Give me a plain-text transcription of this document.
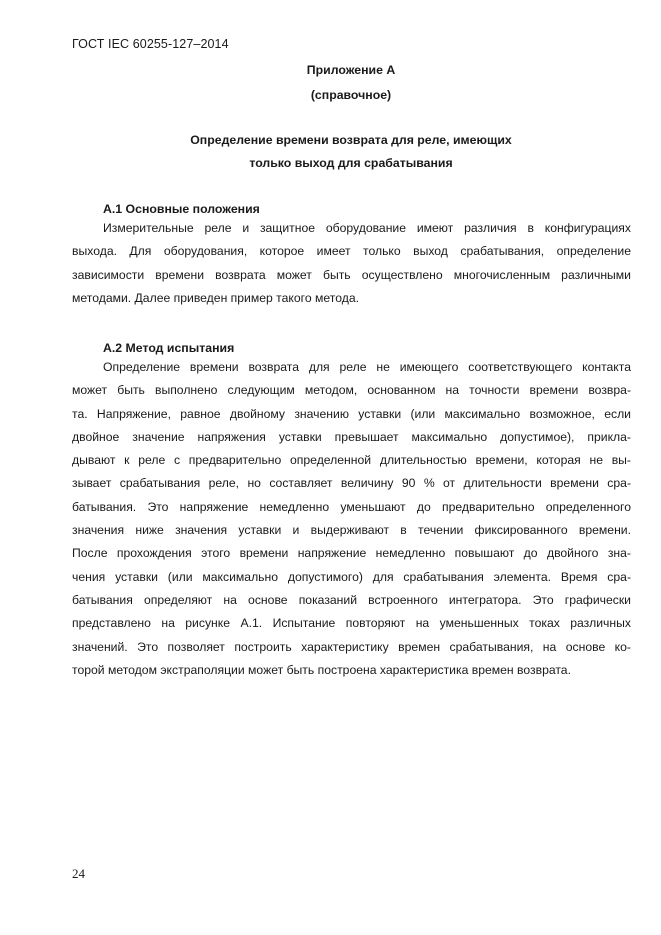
ГОСТ IEC 60255-127–2014
Приложение А
(справочное)
Определение времени возврата для реле, имеющих
только выход для срабатывания
А.1 Основные положения
Измерительные реле и защитное оборудование имеют различия в конфигурациях
выхода. Для оборудования, которое имеет только выход срабатывания, определение
зависимости времени возврата может быть осуществлено многочисленным различными
методами. Далее приведен пример такого метода.
А.2 Метод испытания
Определение времени возврата для реле не имеющего соответствующего контакта
может быть выполнено следующим методом, основанном на точности времени возвра-
та. Напряжение, равное двойному значению уставки (или максимально возможное, если
двойное значение напряжения уставки превышает максимально допустимое), прикла-
дывают к реле с предварительно определенной длительностью времени, которая не вы-
зывает срабатывания реле, но составляет величину 90 % от длительности времени сра-
батывания. Это напряжение немедленно уменьшают до предварительно определенного
значения ниже значения уставки и выдерживают в течении фиксированного времени.
После прохождения этого времени напряжение немедленно повышают до двойного зна-
чения уставки (или максимально допустимого) для срабатывания элемента. Время сра-
батывания определяют на основе показаний встроенного интегратора. Это графически
представлено на рисунке А.1. Испытание повторяют на уменьшенных токах различных
значений. Это позволяет построить характеристику времен срабатывания, на основе ко-
торой методом экстраполяции может быть построена характеристика времен возврата.
24
